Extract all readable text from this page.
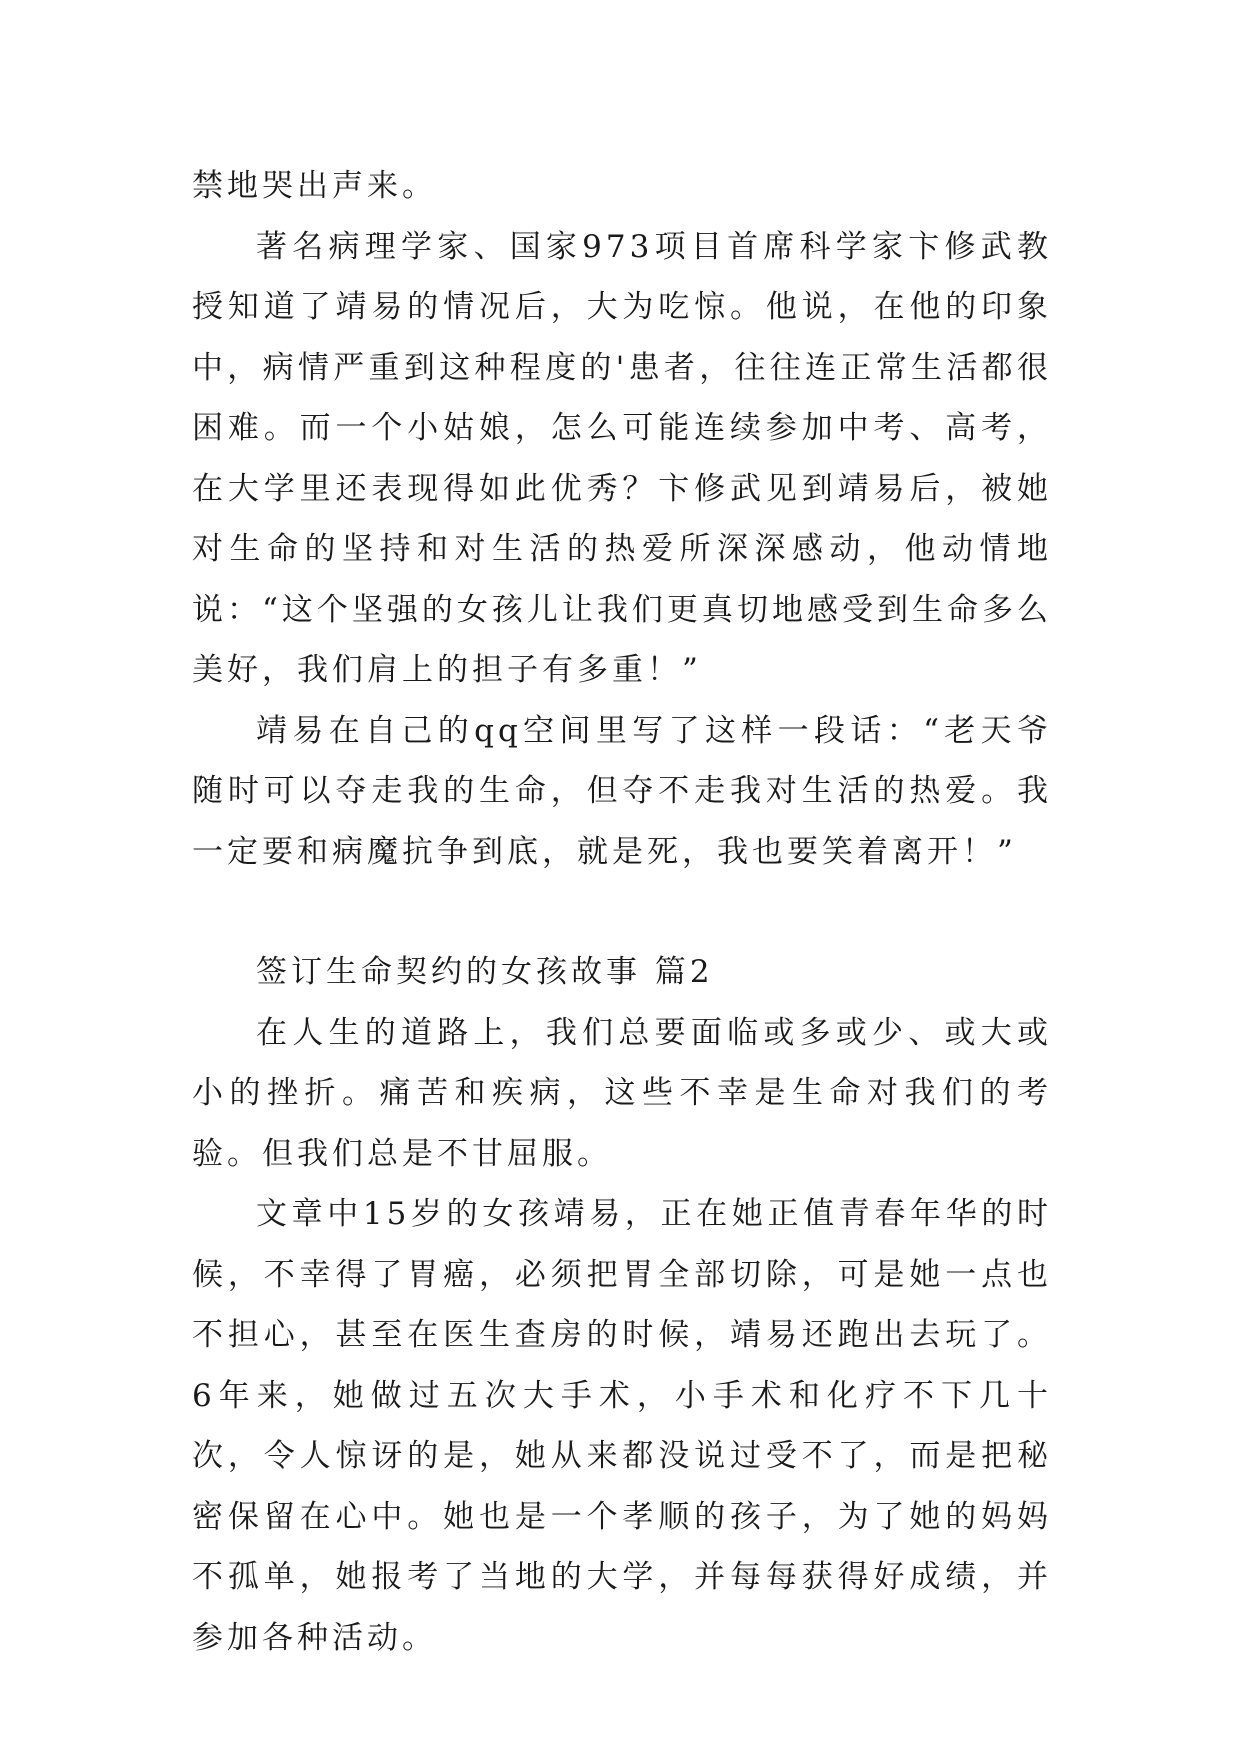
禁地哭出声来。

著名病理学家、国家973项目首席科学家卞修武教授知道了靖易的情况后，大为吃惊。他说，在他的印象中，病情严重到这种程度的'患者，往往连正常生活都很困难。而一个小姑娘，怎么可能连续参加中考、高考，在大学里还表现得如此优秀？卞修武见到靖易后，被她对生命的坚持和对生活的热爱所深深感动，他动情地说：“这个坚强的女孩儿让我们更真切地感受到生命多么美好，我们肩上的担子有多重！”

靖易在自己的qq空间里写了这样一段话：“老天爷随时可以夺走我的生命，但夺不走我对生活的热爱。我一定要和病魔抗争到底，就是死，我也要笑着离开！”

签订生命契约的女孩故事 篇2

在人生的道路上，我们总要面临或多或少、或大或小的挫折。痛苦和疾病，这些不幸是生命对我们的考验。但我们总是不甘屈服。

文章中15岁的女孩靖易，正在她正值青春年华的时候，不幸得了胃癌，必须把胃全部切除，可是她一点也不担心，甚至在医生查房的时候，靖易还跑出去玩了。6年来，她做过五次大手术，小手术和化疗不下几十次，令人惊讶的是，她从来都没说过受不了，而是把秘密保留在心中。她也是一个孝顺的孩子，为了她的妈妈不孤单，她报考了当地的大学，并每每获得好成绩，并参加各种活动。
